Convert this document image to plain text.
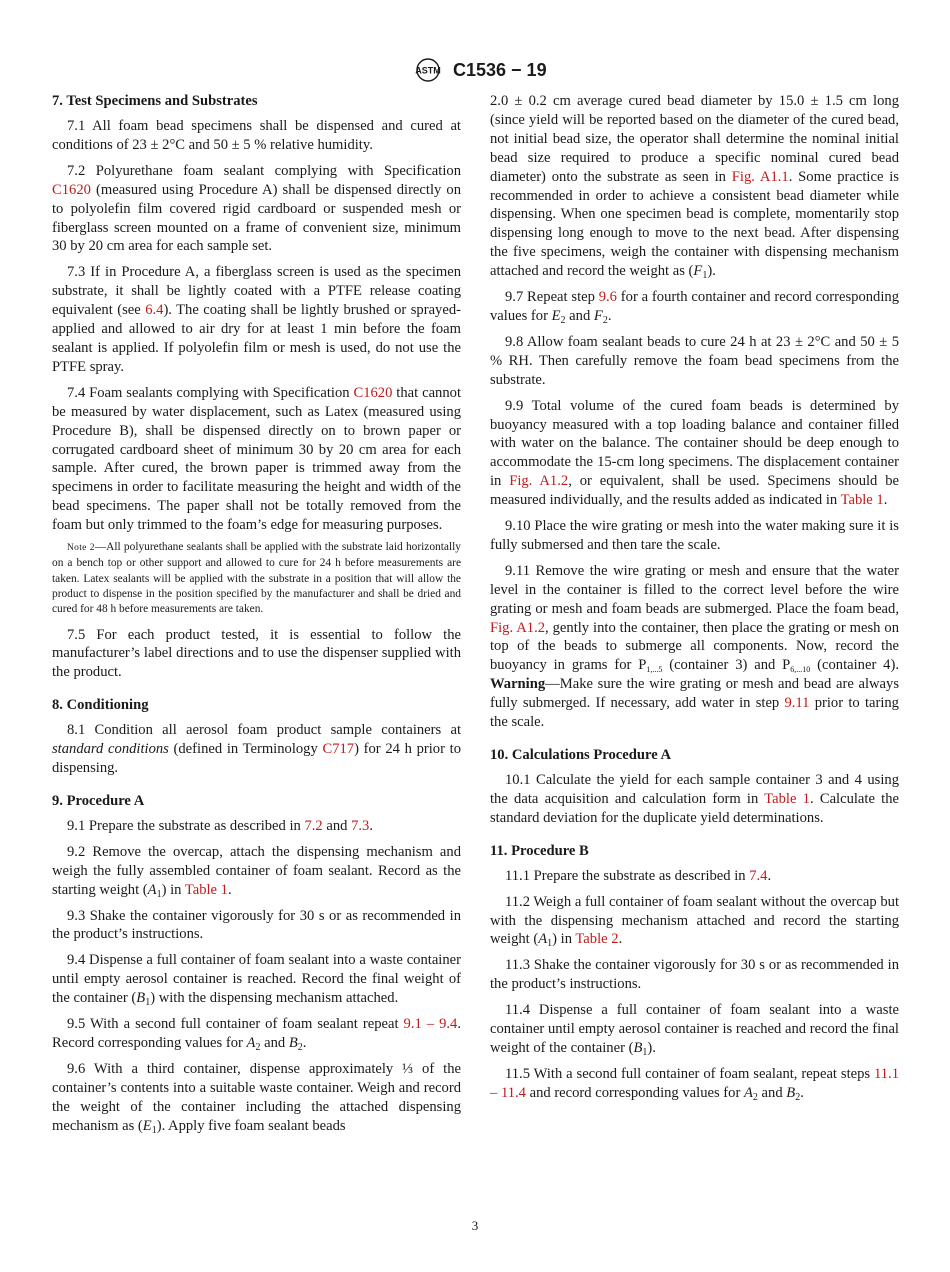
ASTM C1536 − 19
7. Test Specimens and Substrates

7.1 All foam bead specimens shall be dispensed and cured at conditions of 23 ± 2°C and 50 ± 5 % relative humidity.

7.2 Polyurethane foam sealant complying with Specification C1620 (measured using Procedure A) shall be dispensed directly on to polyolefin film covered rigid cardboard or suspended mesh or fiberglass screen mounted on a frame of convenient size, minimum 30 by 20 cm area for each sample set.

7.3 If in Procedure A, a fiberglass screen is used as the specimen substrate, it shall be lightly coated with a PTFE release coating equivalent (see 6.4). The coating shall be lightly brushed or sprayed-applied and allowed to air dry for at least 1 min before the foam sealant is applied. If polyolefin film or mesh is used, do not use the PTFE spray.

7.4 Foam sealants complying with Specification C1620 that cannot be measured by water displacement, such as Latex (measured using Procedure B), shall be dispensed directly on to brown paper or corrugated cardboard sheet of minimum 30 by 20 cm area for each sample. After cured, the brown paper is trimmed away from the specimens in order to facilitate measuring the height and width of the bead specimens. The paper shall not be totally removed from the foam but only trimmed to the foam’s edge for measuring purposes.

Note 2—All polyurethane sealants shall be applied with the substrate laid horizontally on a bench top or other support and allowed to cure for 24 h before measurements are taken. Latex sealants will be applied with the substrate in a position that will allow the product to dispense in the position specified by the manufacturer and shall be dried and cured for 48 h before measurements are taken.

7.5 For each product tested, it is essential to follow the manufacturer’s label directions and to use the dispenser supplied with the product.

8. Conditioning

8.1 Condition all aerosol foam product sample containers at standard conditions (defined in Terminology C717) for 24 h prior to dispensing.

9. Procedure A

9.1 Prepare the substrate as described in 7.2 and 7.3.

9.2 Remove the overcap, attach the dispensing mechanism and weigh the fully assembled container of foam sealant. Record as the starting weight $(A_1)$ in Table 1.

9.3 Shake the container vigorously for 30 s or as recommended in the product’s instructions.

9.4 Dispense a full container of foam sealant into a waste container until empty aerosol container is reached. Record the final weight of the container $(B_1)$ with the dispensing mechanism attached.

9.5 With a second full container of foam sealant repeat 9.1 – 9.4. Record corresponding values for $A_2$ and $B_2$.

9.6 With a third container, dispense approximately ⅓ of the container’s contents into a suitable waste container. Weigh and record the weight of the container including the attached dispensing mechanism as $(E_1)$. Apply five foam sealant beads

2.0 ± 0.2 cm average cured bead diameter by 15.0 ± 1.5 cm long (since yield will be reported based on the diameter of the cured bead, not initial bead size, the operator shall determine the nominal initial bead size required to produce a specific nominal cured bead diameter) onto the substrate as seen in Fig. A1.1. Some practice is recommended in order to achieve a consistent bead diameter while dispensing. When one specimen bead is complete, momentarily stop dispensing long enough to move to the next bead. After dispensing the five specimens, weigh the container with dispensing mechanism attached and record the weight as $(F_1)$.

9.7 Repeat step 9.6 for a fourth container and record corresponding values for $E_2$ and $F_2$.

9.8 Allow foam sealant beads to cure 24 h at 23 ± 2°C and 50 ± 5 % RH. Then carefully remove the foam bead specimens from the substrate.

9.9 Total volume of the cured foam beads is determined by buoyancy measured with a top loading balance and container filled with water on the balance. The container should be deep enough to accommodate the 15-cm long specimens. The displacement container in Fig. A1.2, or equivalent, shall be used. Specimens should be measured individually, and the results added as indicated in Table 1.

9.10 Place the wire grating or mesh into the water making sure it is fully submersed and then tare the scale.

9.11 Remove the wire grating or mesh and ensure that the water level in the container is filled to the correct level before the wire grating or mesh and foam beads are submerged. Place the foam bead, Fig. A1.2, gently into the container, then place the grating or mesh on top of the beads to submerge all components. Now, record the buoyancy in grams for $P_{1,...5}$ (container 3) and $P_{6,...10}$ (container 4). Warning—Make sure the wire grating or mesh and bead are always fully submerged. If necessary, add water in step 9.11 prior to taring the scale.

10. Calculations Procedure A

10.1 Calculate the yield for each sample container 3 and 4 using the data acquisition and calculation form in Table 1. Calculate the standard deviation for the duplicate yield determinations.

11. Procedure B

11.1 Prepare the substrate as described in 7.4.

11.2 Weigh a full container of foam sealant without the overcap but with the dispensing mechanism attached and record the starting weight $(A_1)$ in Table 2.

11.3 Shake the container vigorously for 30 s or as recommended in the product’s instructions.

11.4 Dispense a full container of foam sealant into a waste container until empty aerosol container is reached and record the final weight of the container $(B_1)$.

11.5 With a second full container of foam sealant, repeat steps 11.1 – 11.4 and record corresponding values for $A_2$ and $B_2$.

3
